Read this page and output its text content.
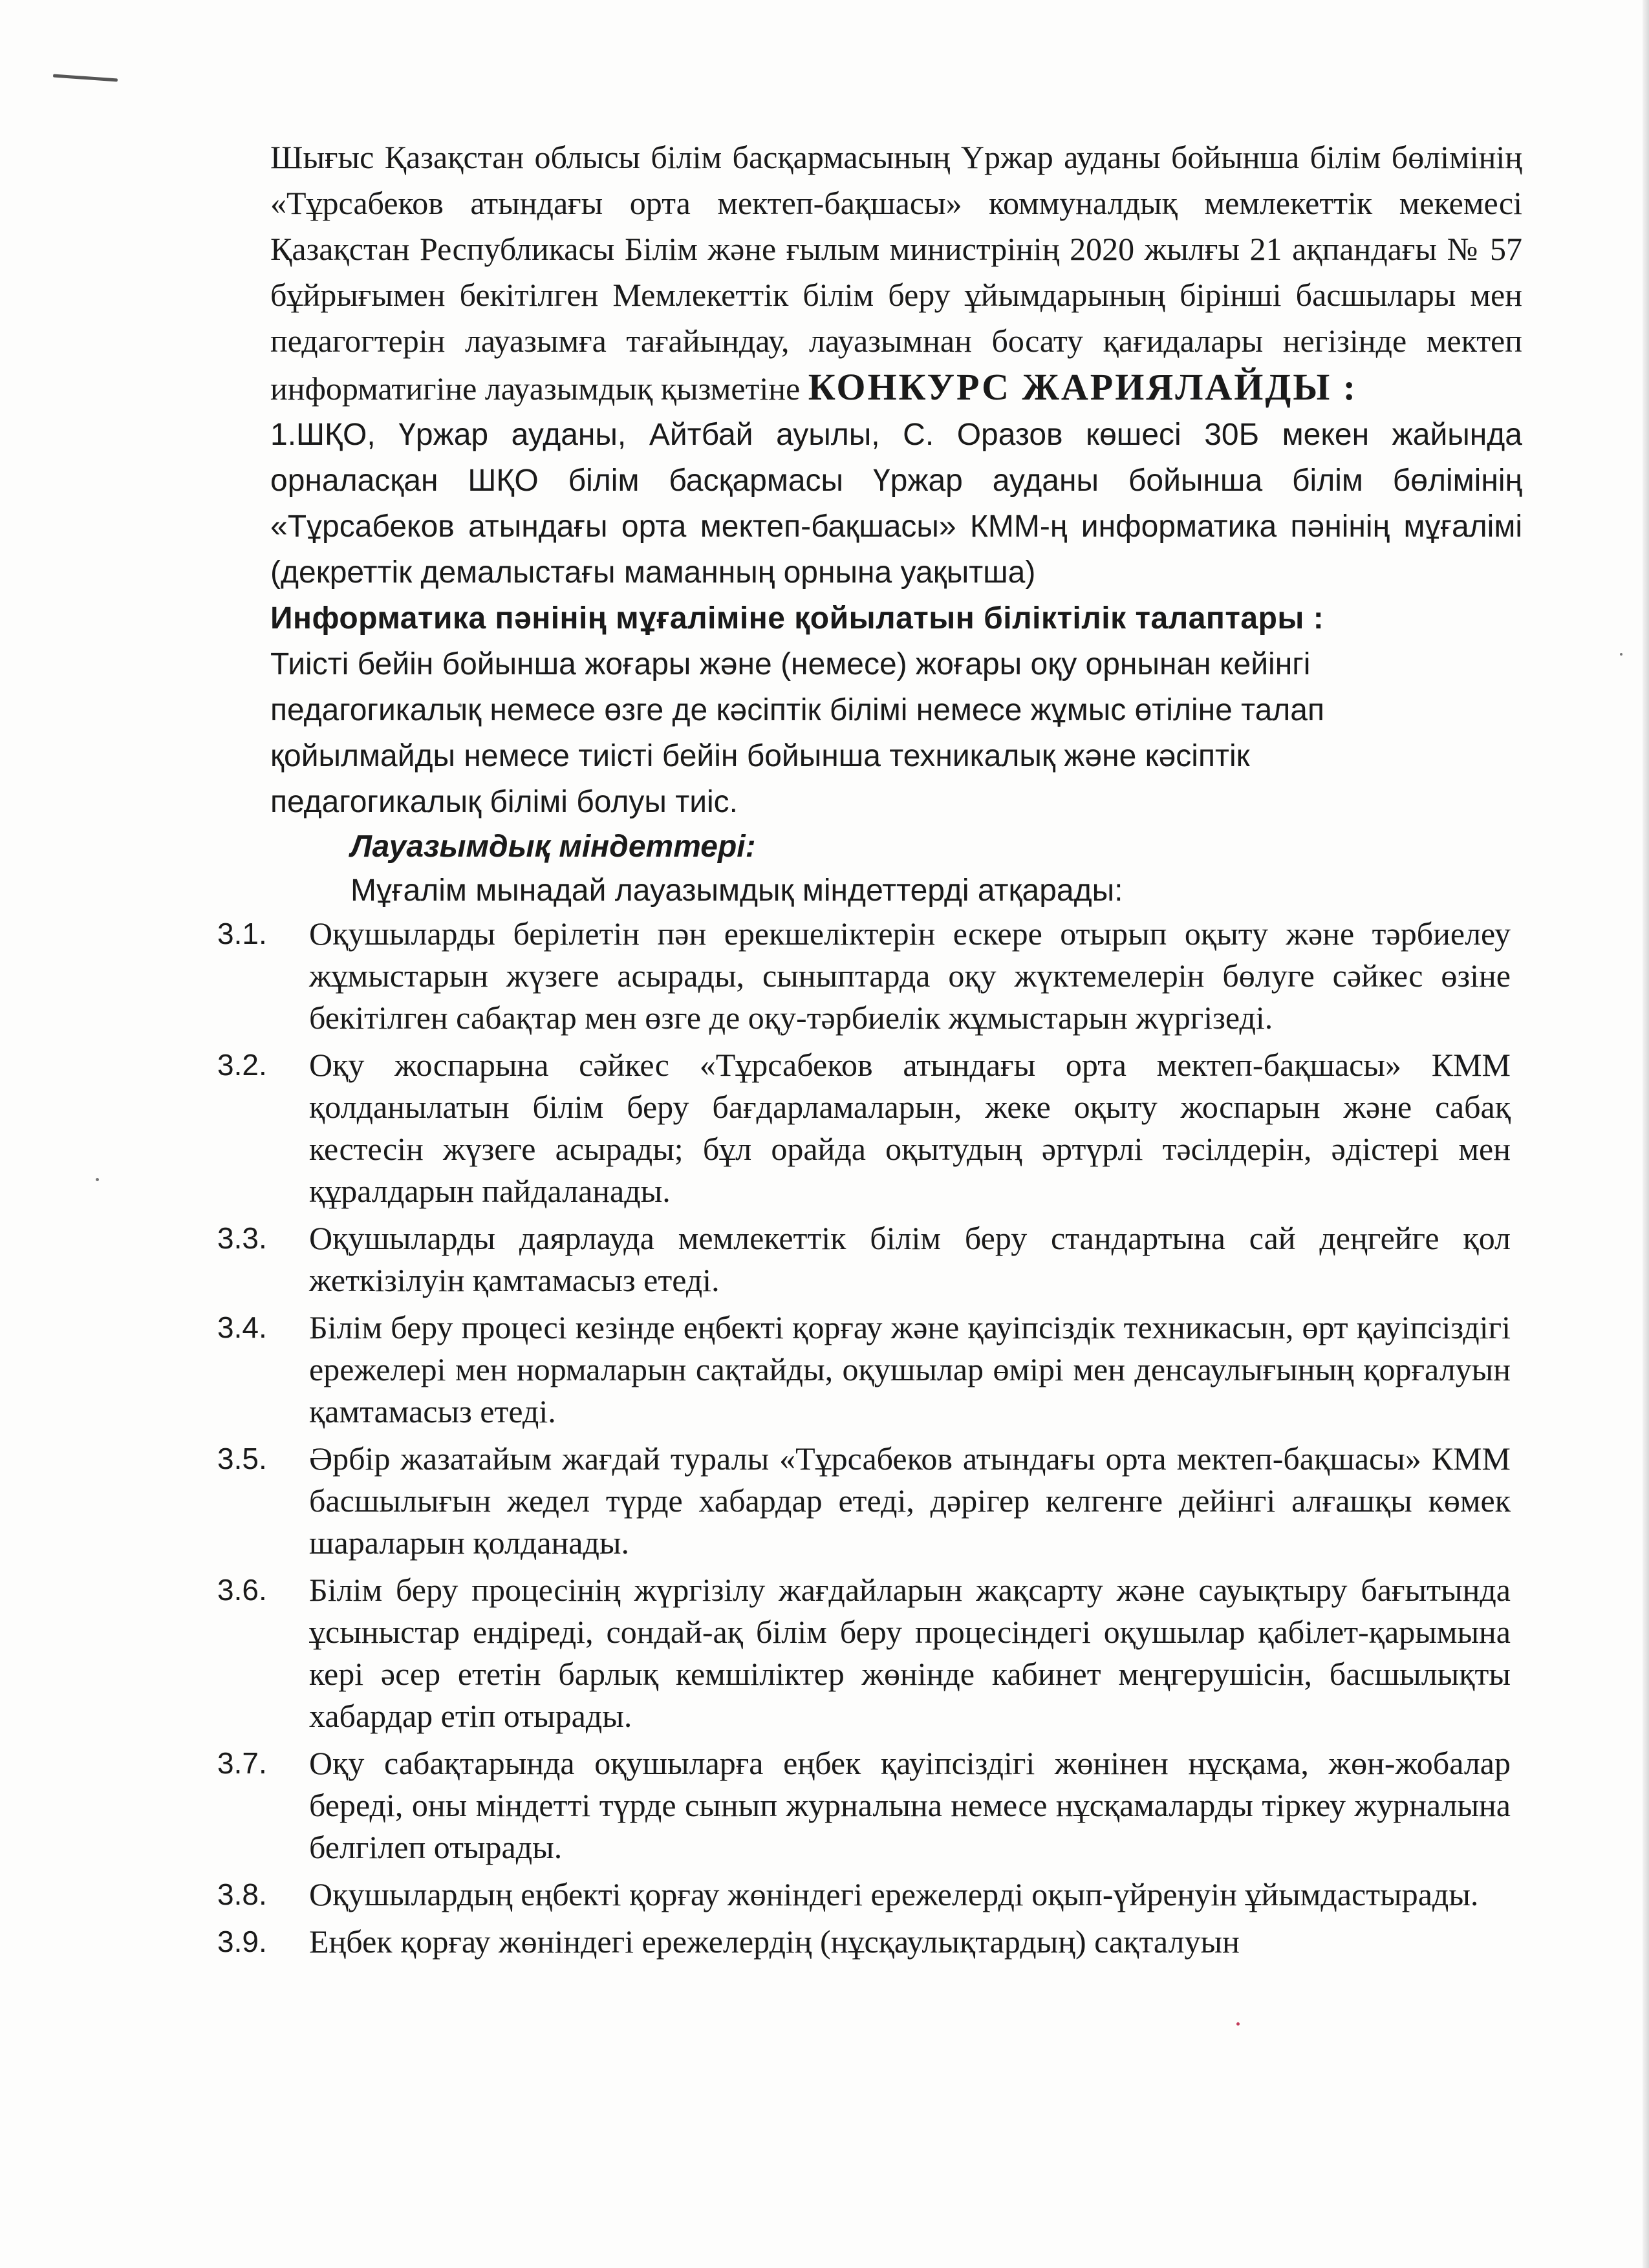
Шығыс Қазақстан облысы білім басқармасының Үржар ауданы бойынша білім бөлімінің «Тұрсабеков атындағы орта мектеп-бақшасы» коммуналдық мемлекеттік мекемесі Қазақстан Республикасы Білім және ғылым министрінің 2020 жылғы 21 ақпандағы № 57 бұйрығымен бекітілген Мемлекеттік білім беру ұйымдарының бірінші басшылары мен педагогтерін лауазымға тағайындау, лауазымнан босату қағидалары негізінде мектеп информатигіне лауазымдық қызметіне КОНКУРС ЖАРИЯЛАЙДЫ :

1.ШҚО, Үржар ауданы, Айтбай ауылы, С. Оразов көшесі 30Б мекен жайында орналасқан ШҚО білім басқармасы Үржар ауданы бойынша білім бөлімінің «Тұрсабеков атындағы орта мектеп-бақшасы» КММ-ң информатика пәнінің мұғалімі (декреттік демалыстағы маманның орнына уақытша)

Информатика пәнінің мұғаліміне қойылатын біліктілік талаптары :

Тиісті бейін бойынша жоғары және (немесе) жоғары оқу орнынан кейінгі педагогикалық немесе өзге де кәсіптік білімі немесе жұмыс өтіліне талап қойылмайды немесе тиісті бейін бойынша техникалық және кәсіптік педагогикалық білімі болуы тиіс.

Лауазымдық міндеттері:

Мұғалім мынадай лауазымдық міндеттерді атқарады:

3.1.	Оқушыларды берілетін пән ерекшеліктерін ескере отырып оқыту және тәрбиелеу жұмыстарын жүзеге асырады, сыныптарда оқу жүктемелерін бөлуге сәйкес өзіне бекітілген сабақтар мен өзге де оқу-тәрбиелік жұмыстарын жүргізеді.
3.2.	Оқу жоспарына сәйкес «Тұрсабеков атындағы орта мектеп-бақшасы» КММ қолданылатын білім беру бағдарламаларын, жеке оқыту жоспарын және сабақ кестесін жүзеге асырады; бұл орайда оқытудың әртүрлі тәсілдерін, әдістері мен құралдарын пайдаланады.
3.3.	Оқушыларды даярлауда мемлекеттік білім беру стандартына сай деңгейге қол жеткізілуін қамтамасыз етеді.
3.4.	Білім беру процесі кезінде еңбекті қорғау және қауіпсіздік техникасын, өрт қауіпсіздігі ережелері мен нормаларын сақтайды, оқушылар өмірі мен денсаулығының қорғалуын қамтамасыз етеді.
3.5.	Әрбір жазатайым жағдай туралы «Тұрсабеков атындағы орта мектеп-бақшасы» КММ басшылығын жедел түрде хабардар етеді, дәрігер келгенге дейінгі алғашқы көмек шараларын қолданады.
3.6.	Білім беру процесінің жүргізілу жағдайларын жақсарту және сауықтыру бағытында ұсыныстар ендіреді, сондай-ақ білім беру процесіндегі оқушылар қабілет-қарымына кері әсер ететін барлық кемшіліктер жөнінде кабинет меңгерушісін, басшылықты хабардар етіп отырады.
3.7.	Оқу сабақтарында оқушыларға еңбек қауіпсіздігі жөнінен нұсқама, жөн-жобалар береді, оны міндетті түрде сынып журналына немесе нұсқамаларды тіркеу журналына белгілеп отырады.
3.8.	Оқушылардың еңбекті қорғау жөніндегі ережелерді оқып-үйренуін ұйымдастырады.
3.9.	Еңбек қорғау жөніндегі ережелердің (нұсқаулықтардың) сақталуын
